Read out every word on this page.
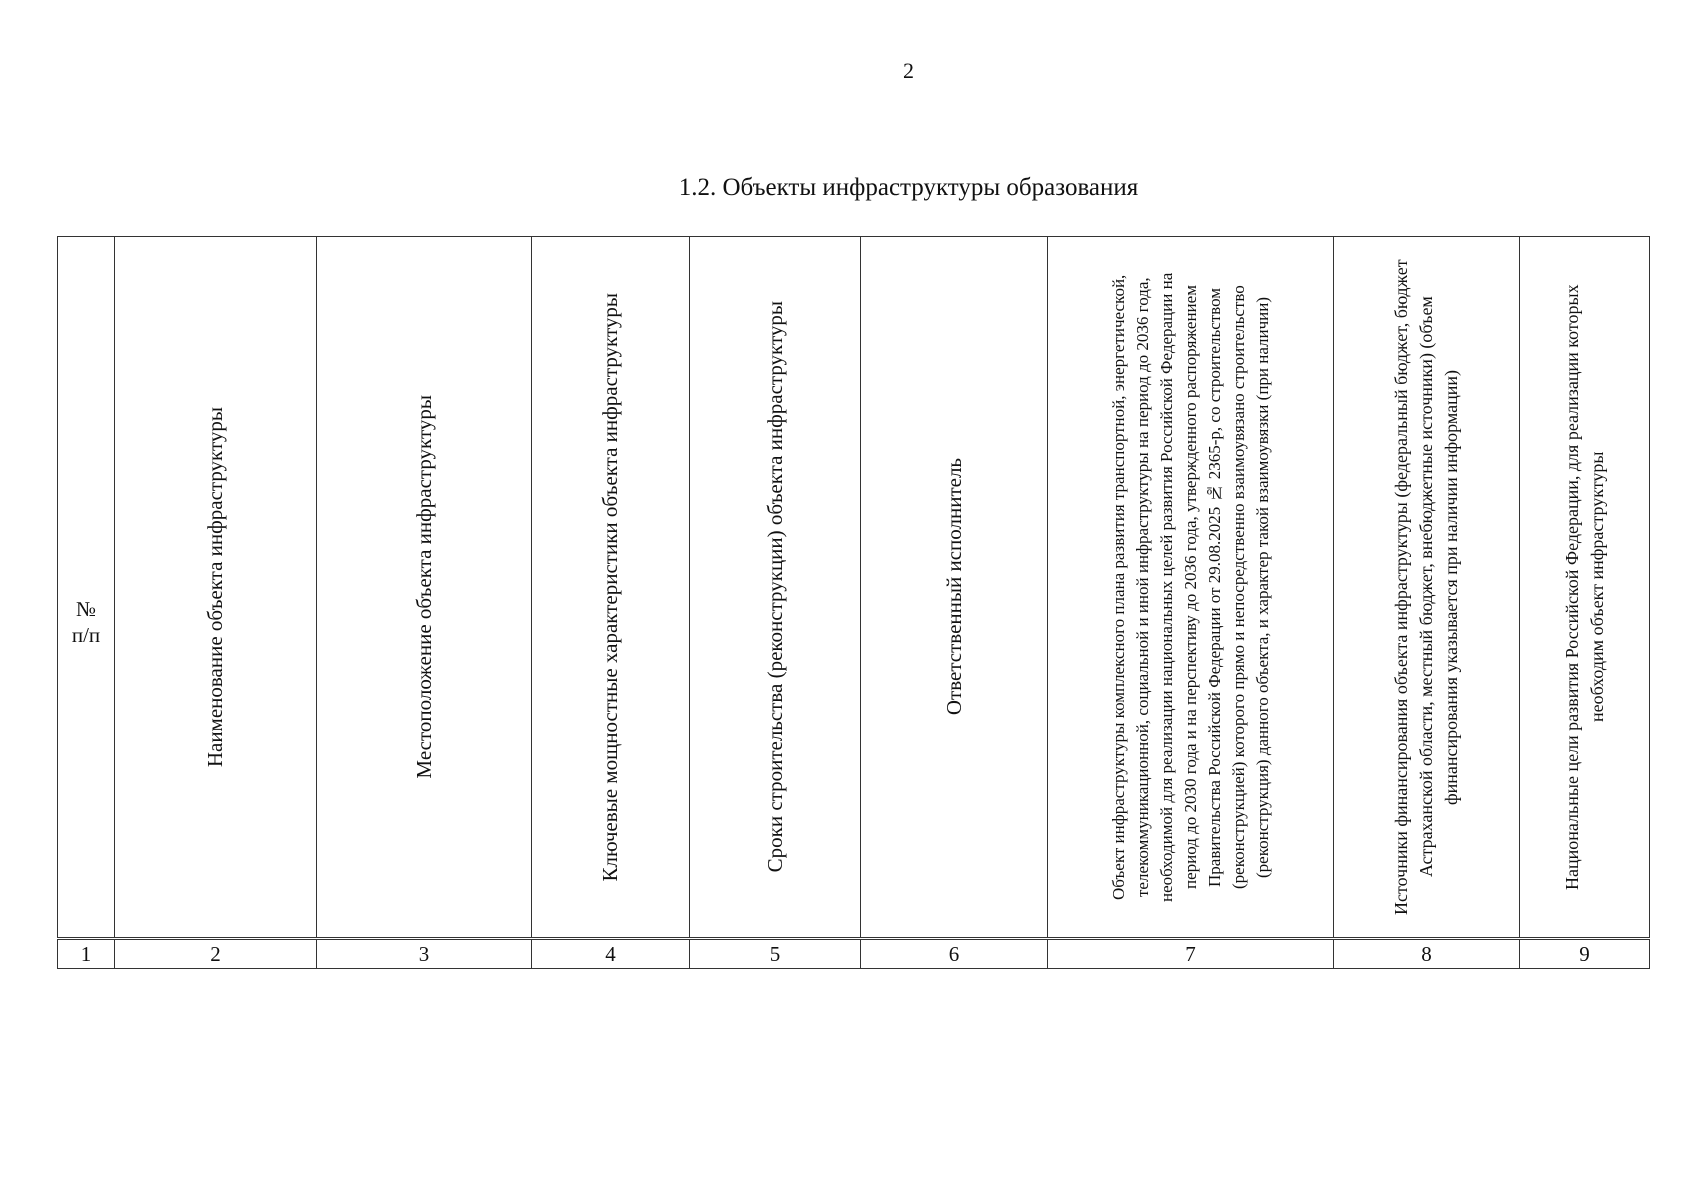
2
1.2. Объекты инфраструктуры образования
№
п/п	Наименование объекта инфраструктуры	Местоположение объекта инфраструктуры	Ключевые мощностные характеристики объекта инфраструктуры	Сроки строительства (реконструкции) объекта инфраструктуры	Ответственный исполнитель	Объект инфраструктуры комплексного плана развития транспортной, энергетической, телекоммуникационной, социальной и иной инфраструктуры на период до 2036 года, необходимой для реализации национальных целей развития Российской Федерации на период до 2030 года и на перспективу до 2036 года, утвержденного распоряжением Правительства Российской Федерации от 29.08.2025 № 2365-р, со строительством (реконструкцией) которого прямо и непосредственно взаимоувязано строительство (реконструкция) данного объекта, и характер такой взаимоувязки (при наличии)	Источники финансирования объекта инфраструктуры (федеральный бюджет, бюджет Астраханской области, местный бюджет, внебюджетные источники) (объем финансирования указывается при наличии информации)	Национальные цели развития Российской Федерации, для реализации которых необходим объект инфраструктуры

1	2	3	4	5	6	7	8	9
